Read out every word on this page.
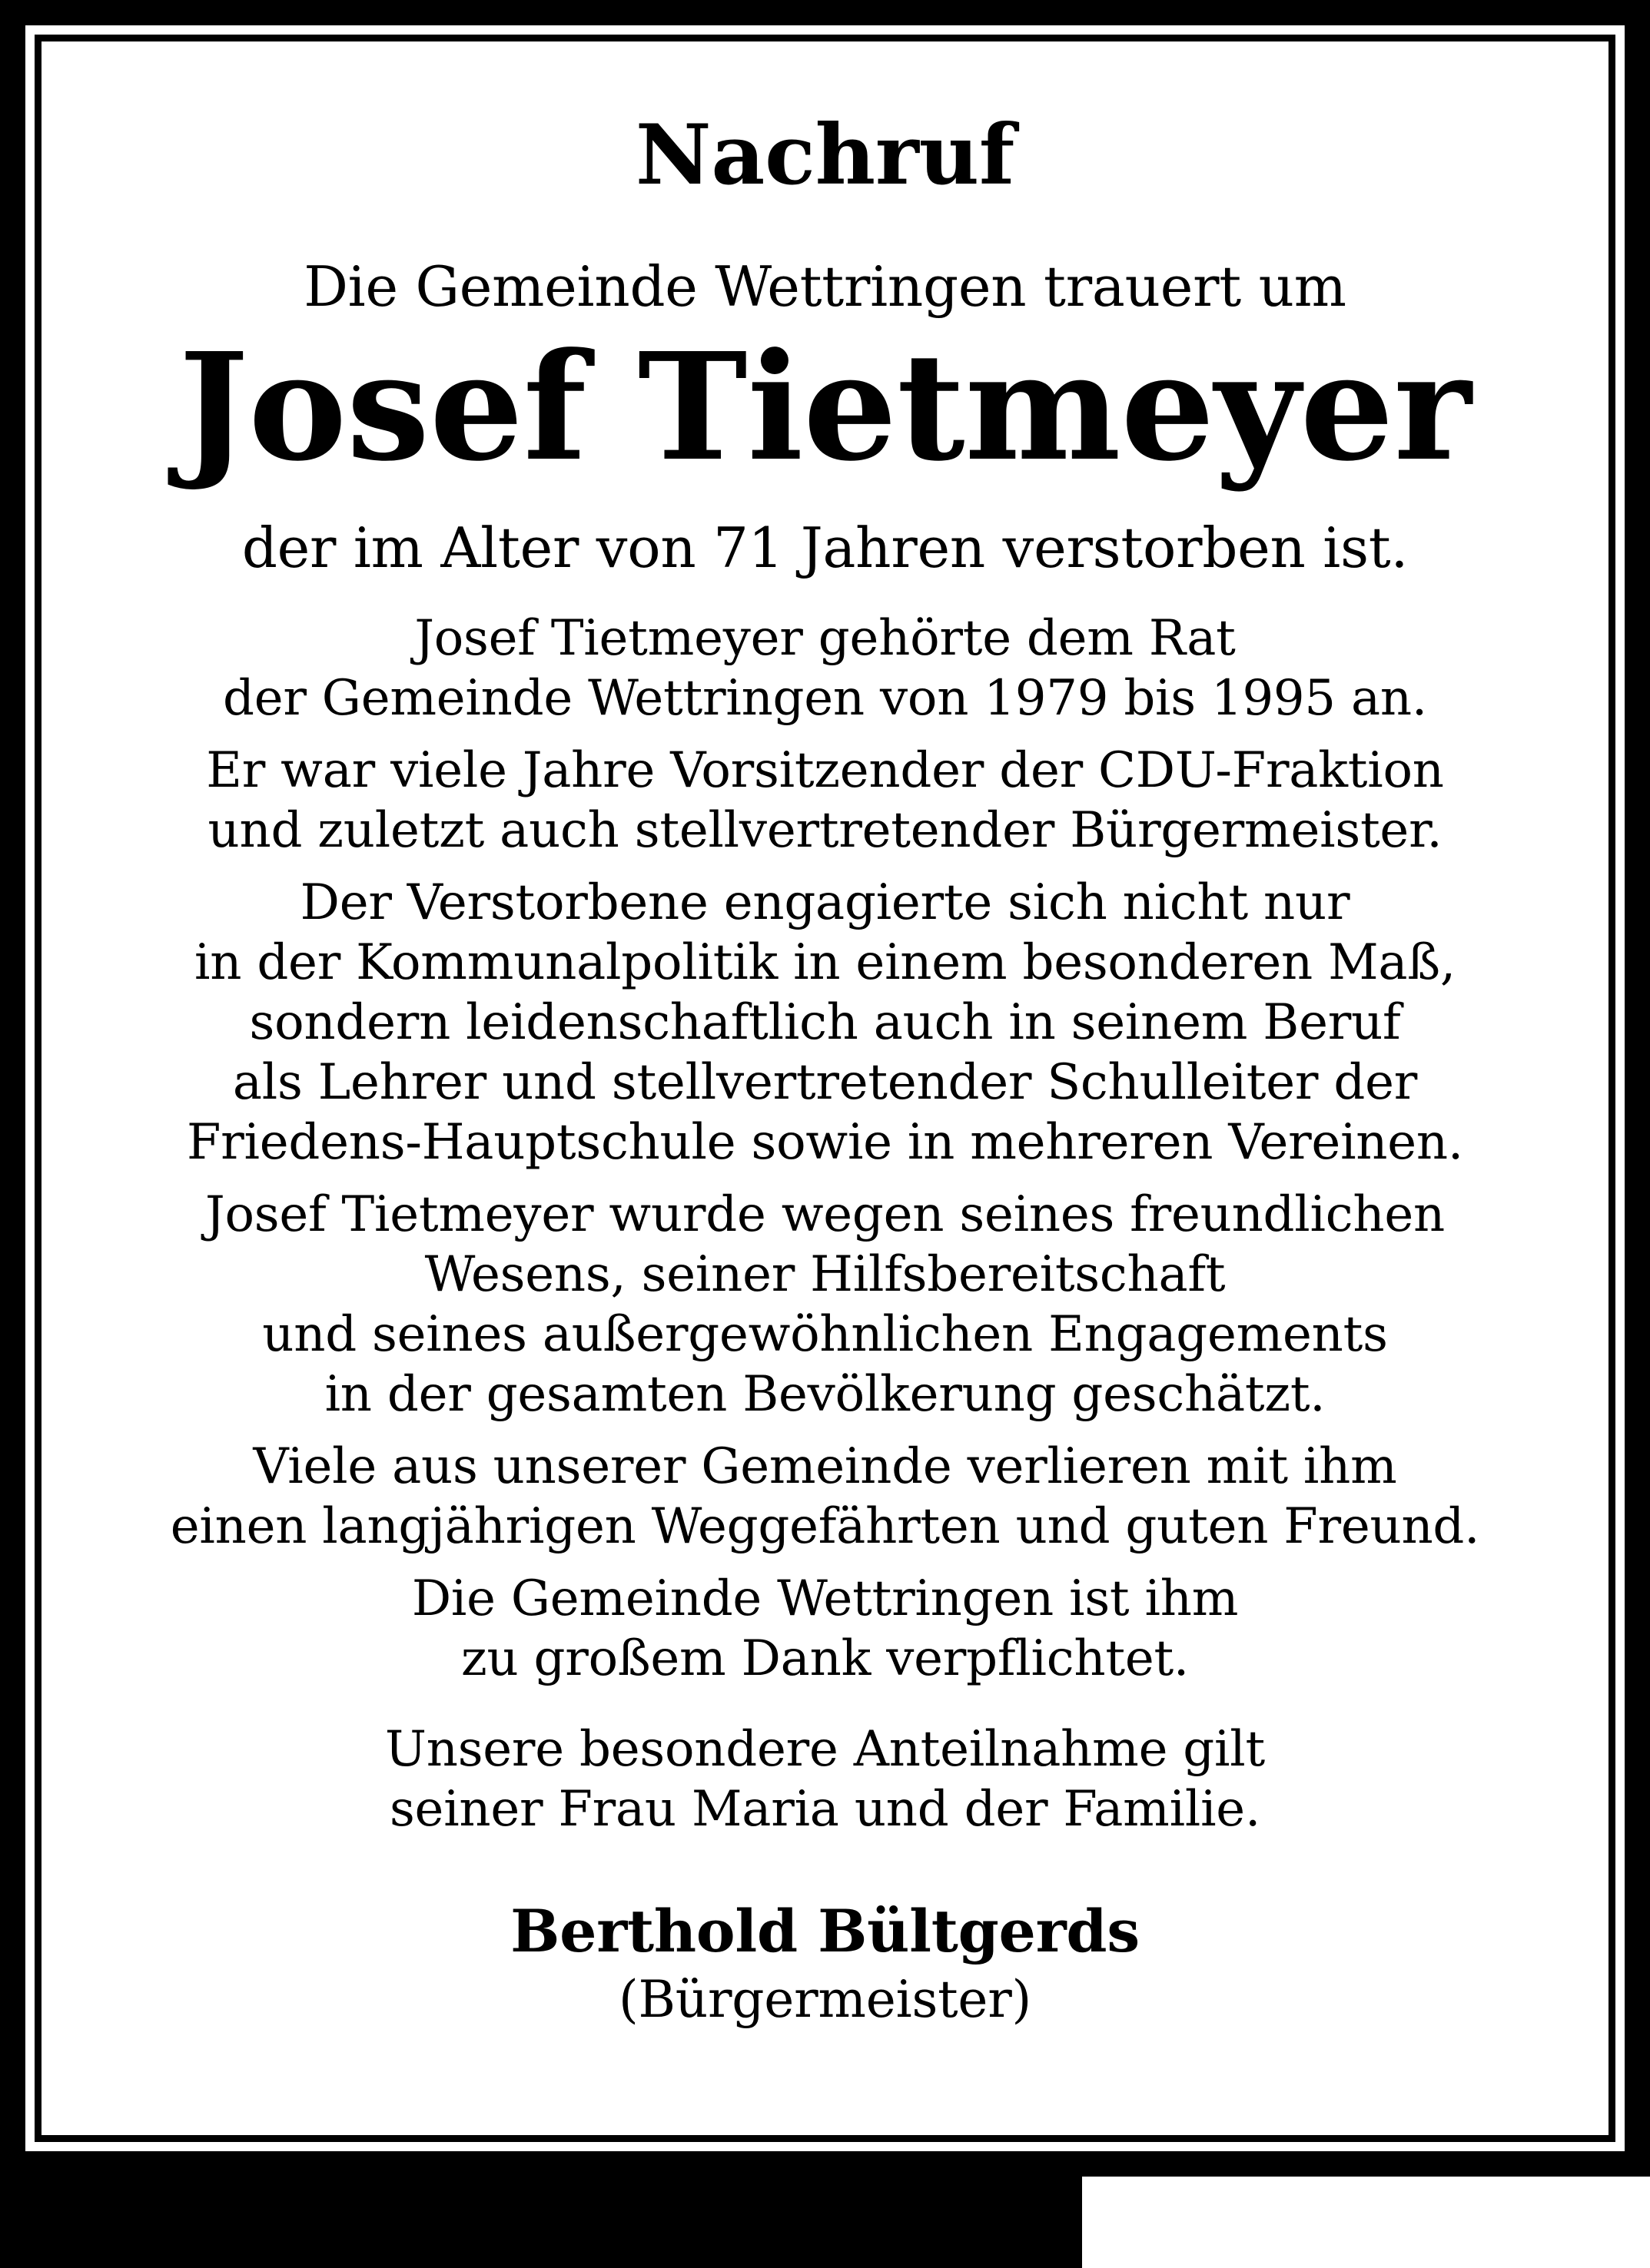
Nachruf
Die Gemeinde Wettringen trauert um
Josef Tietmeyer
der im Alter von 71 Jahren verstorben ist.
Josef Tietmeyer gehörte dem Rat
der Gemeinde Wettringen von 1979 bis 1995 an.
Er war viele Jahre Vorsitzender der CDU-Fraktion
und zuletzt auch stellvertretender Bürgermeister.
Der Verstorbene engagierte sich nicht nur
in der Kommunalpolitik in einem besonderen Maß,
sondern leidenschaftlich auch in seinem Beruf
als Lehrer und stellvertretender Schulleiter der
Friedens-Hauptschule sowie in mehreren Vereinen.
Josef Tietmeyer wurde wegen seines freundlichen
Wesens, seiner Hilfsbereitschaft
und seines außergewöhnlichen Engagements
in der gesamten Bevölkerung geschätzt.
Viele aus unserer Gemeinde verlieren mit ihm
einen langjährigen Weggefährten und guten Freund.
Die Gemeinde Wettringen ist ihm
zu großem Dank verpflichtet.
Unsere besondere Anteilnahme gilt
seiner Frau Maria und der Familie.
Berthold Bültgerds
(Bürgermeister)
